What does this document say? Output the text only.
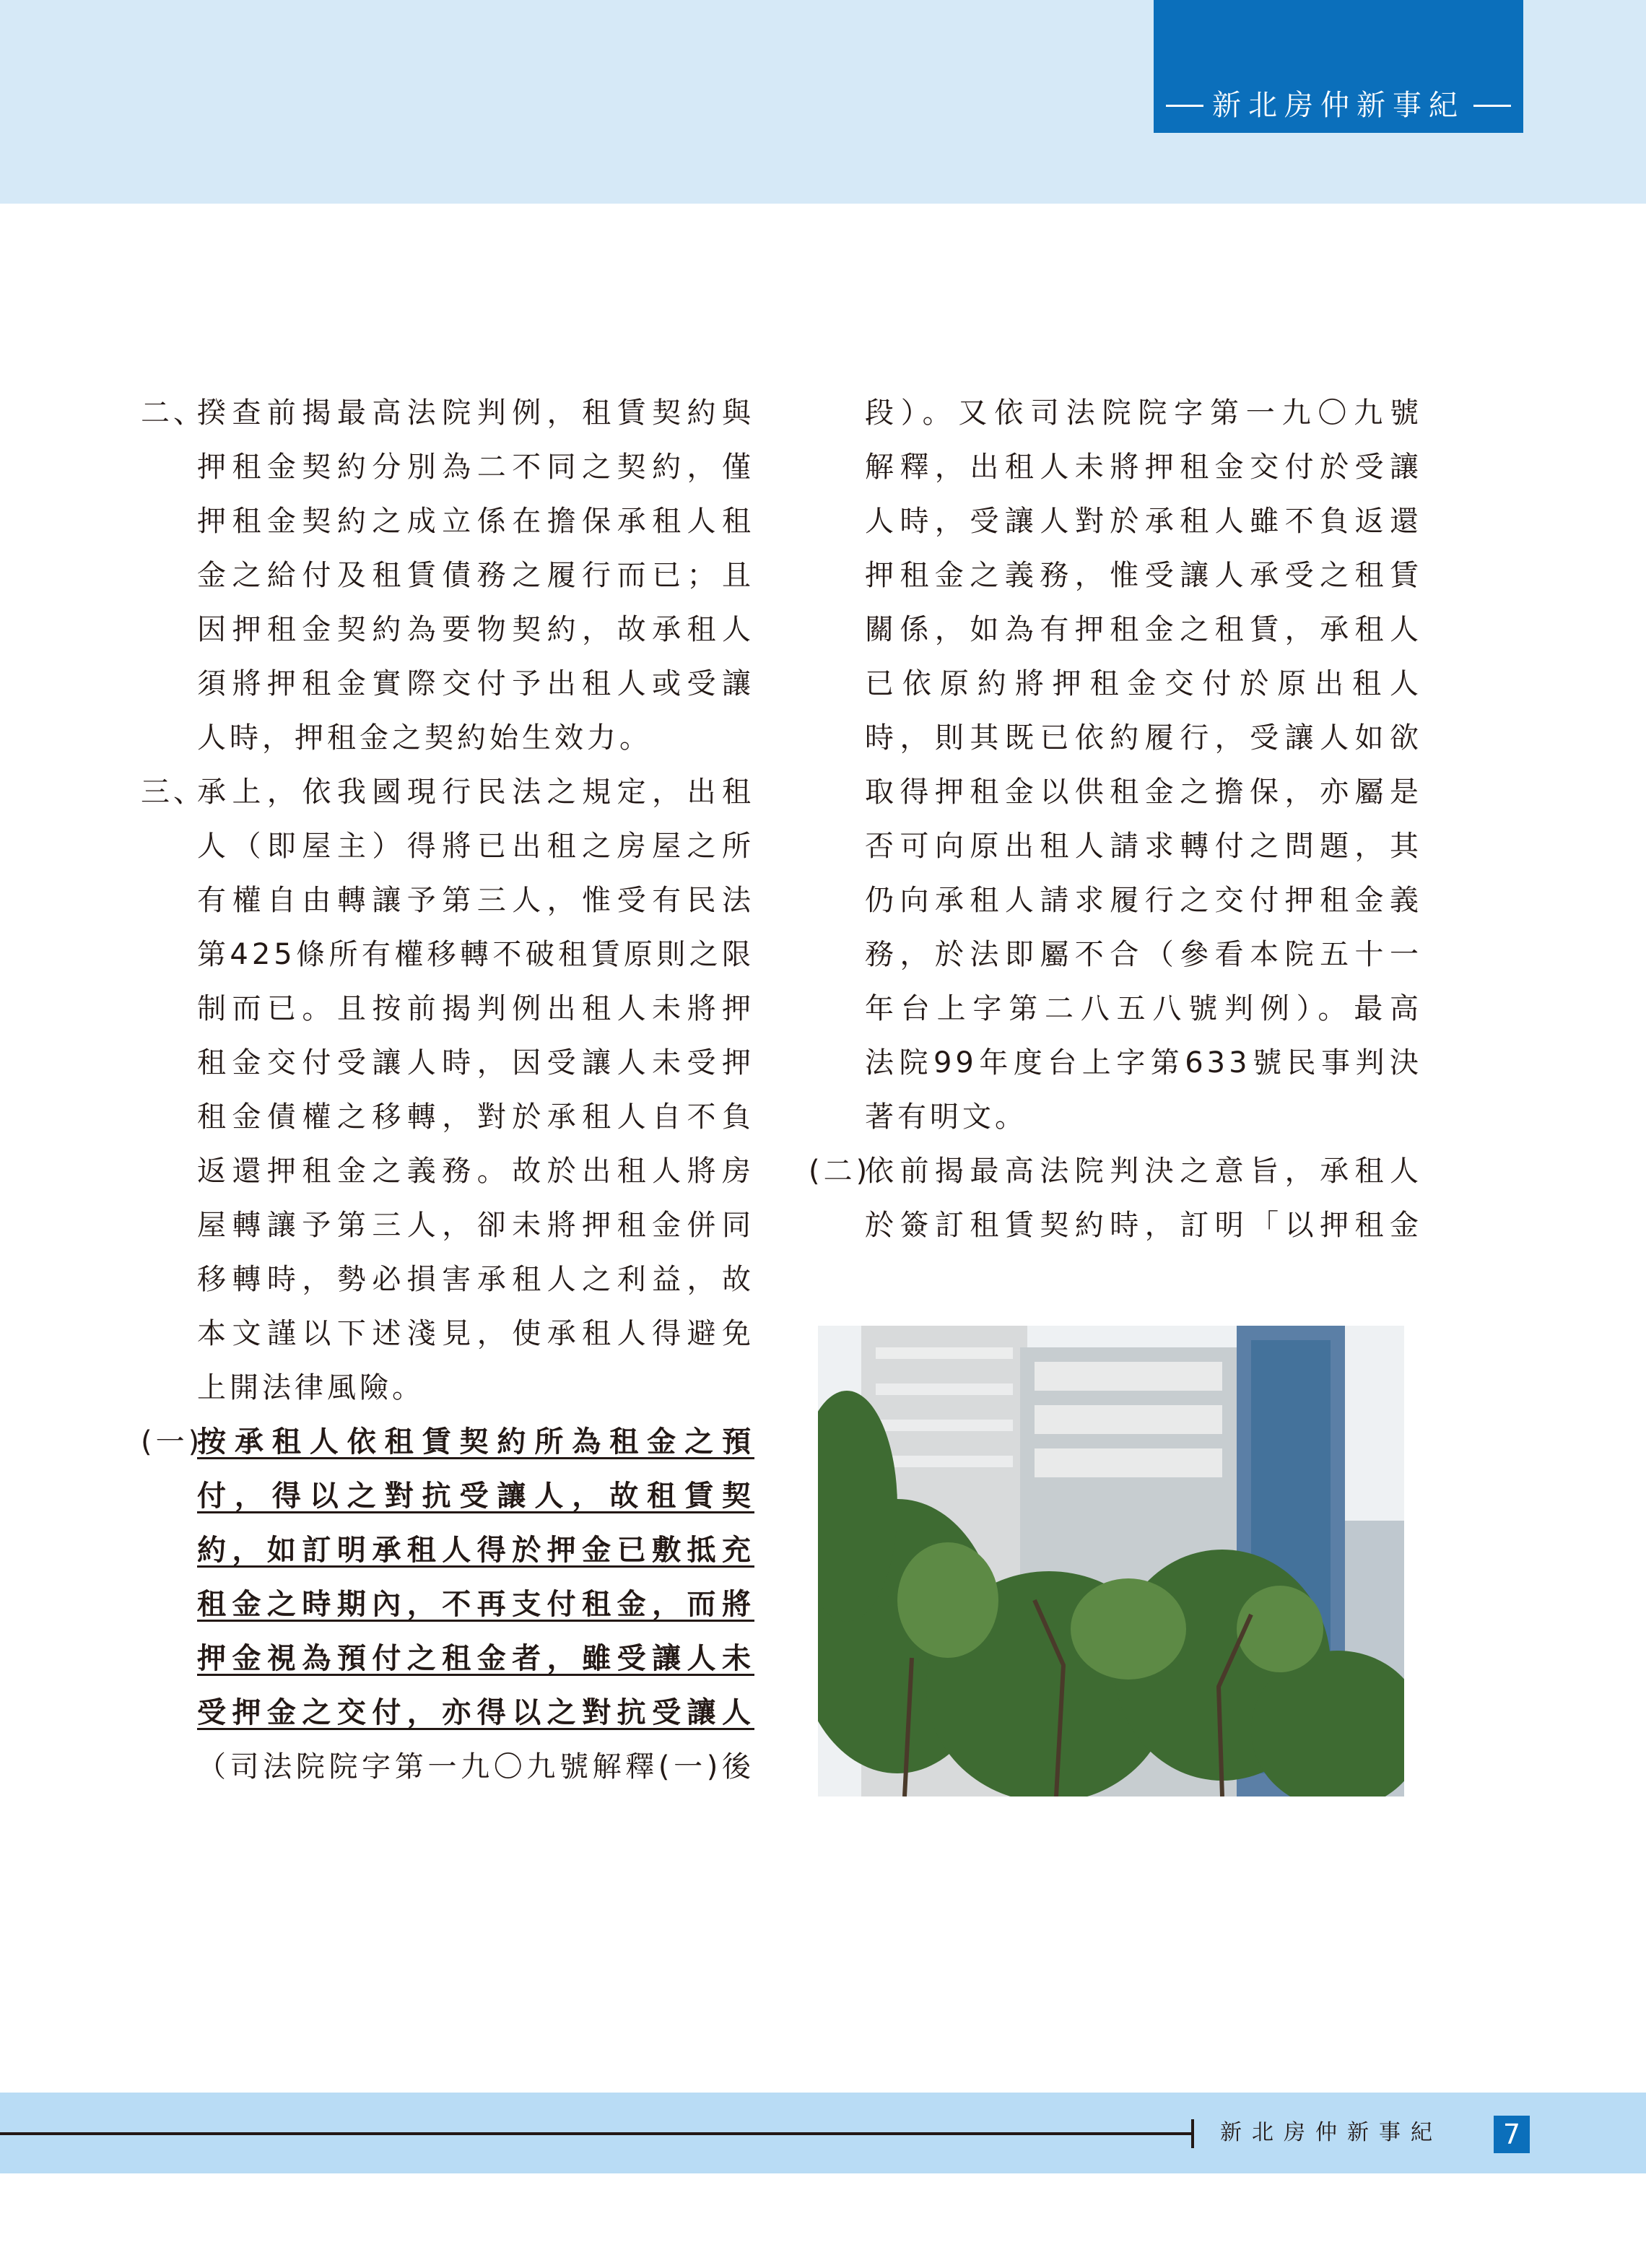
新北房仲新事紀
二、
揆查前揭最高法院判例，租賃契約與
押租金契約分別為二不同之契約，僅
押租金契約之成立係在擔保承租人租
金之給付及租賃債務之履行而已；且
因押租金契約為要物契約，故承租人
須將押租金實際交付予出租人或受讓
人時，押租金之契約始生效力。
三、
承上，依我國現行民法之規定，出租
人（即屋主）得將已出租之房屋之所
有權自由轉讓予第三人，惟受有民法
第425條所有權移轉不破租賃原則之限
制而已。且按前揭判例出租人未將押
租金交付受讓人時，因受讓人未受押
租金債權之移轉，對於承租人自不負
返還押租金之義務。故於出租人將房
屋轉讓予第三人，卻未將押租金併同
移轉時，勢必損害承租人之利益，故
本文謹以下述淺見，使承租人得避免
上開法律風險。
(一)
按承租人依租賃契約所為租金之預
付，得以之對抗受讓人，故租賃契
約，如訂明承租人得於押金已敷抵充
租金之時期內，不再支付租金，而將
押金視為預付之租金者，雖受讓人未
受押金之交付，亦得以之對抗受讓人
（司法院院字第一九〇九號解釋(一)後
段）。又依司法院院字第一九〇九號
解釋，出租人未將押租金交付於受讓
人時，受讓人對於承租人雖不負返還
押租金之義務，惟受讓人承受之租賃
關係，如為有押租金之租賃，承租人
已依原約將押租金交付於原出租人
時，則其既已依約履行，受讓人如欲
取得押租金以供租金之擔保，亦屬是
否可向原出租人請求轉付之問題，其
仍向承租人請求履行之交付押租金義
務，於法即屬不合（參看本院五十一
年台上字第二八五八號判例）。最高
法院99年度台上字第633號民事判決
著有明文。
(二)
依前揭最高法院判決之意旨，承租人
於簽訂租賃契約時，訂明「以押租金
新北房仲新事紀	7
